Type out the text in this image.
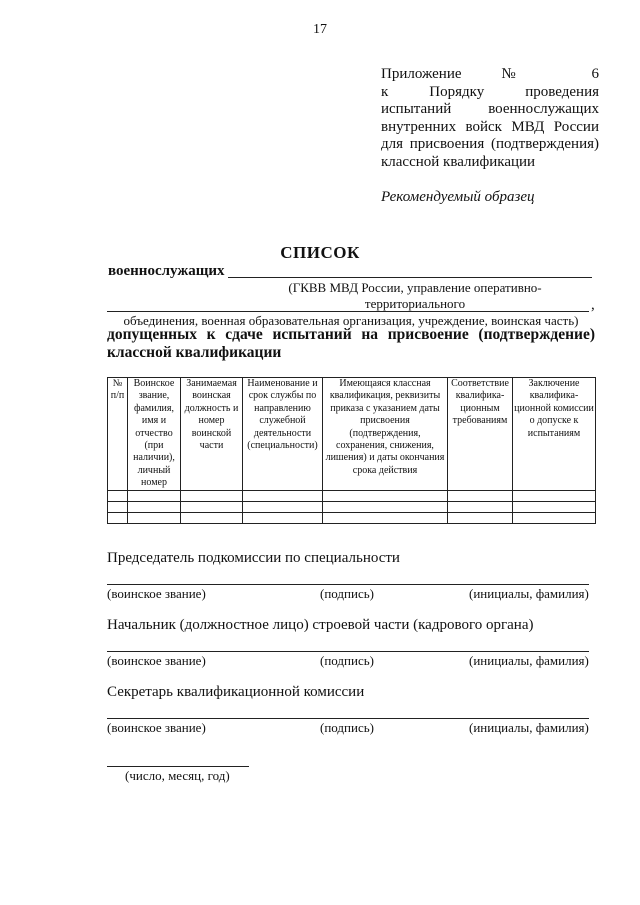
17
Приложение № 6
к Порядку проведения
испытаний военнослужащих
внутренних войск МВД России
для присвоения (подтверждения)
классной квалификации
Рекомендуемый образец
СПИСОК
военнослужащих
(ГКВВ МВД России, управление оперативно-территориального	,
объединения, военная образовательная организация, учреждение, воинская часть)
допущенных к сдаче испытаний на присвоение (подтверждение)
классной квалификации
№ п/п	Воинское звание, фамилия, имя и отчество (при наличии), личный номер	Занимаемая воинская должность и номер воинской части	Наименование и срок службы по направлению служебной деятельности (специальности)	Имеющаяся классная квалификация, реквизиты приказа с указанием даты присвоения (подтверждения, сохранения, снижения, лишения) и даты окончания срока действия	Соответствие квалифика-ционным требованиям	Заключение квалифика-ционной комиссии о допуске к испытаниям

Председатель подкомиссии по специальности
(воинское звание)	(подпись)	(инициалы, фамилия)
Начальник (должностное лицо) строевой части (кадрового органа)
(воинское звание)	(подпись)	(инициалы, фамилия)
Секретарь квалификационной комиссии
(воинское звание)	(подпись)	(инициалы, фамилия)
(число, месяц, год)
